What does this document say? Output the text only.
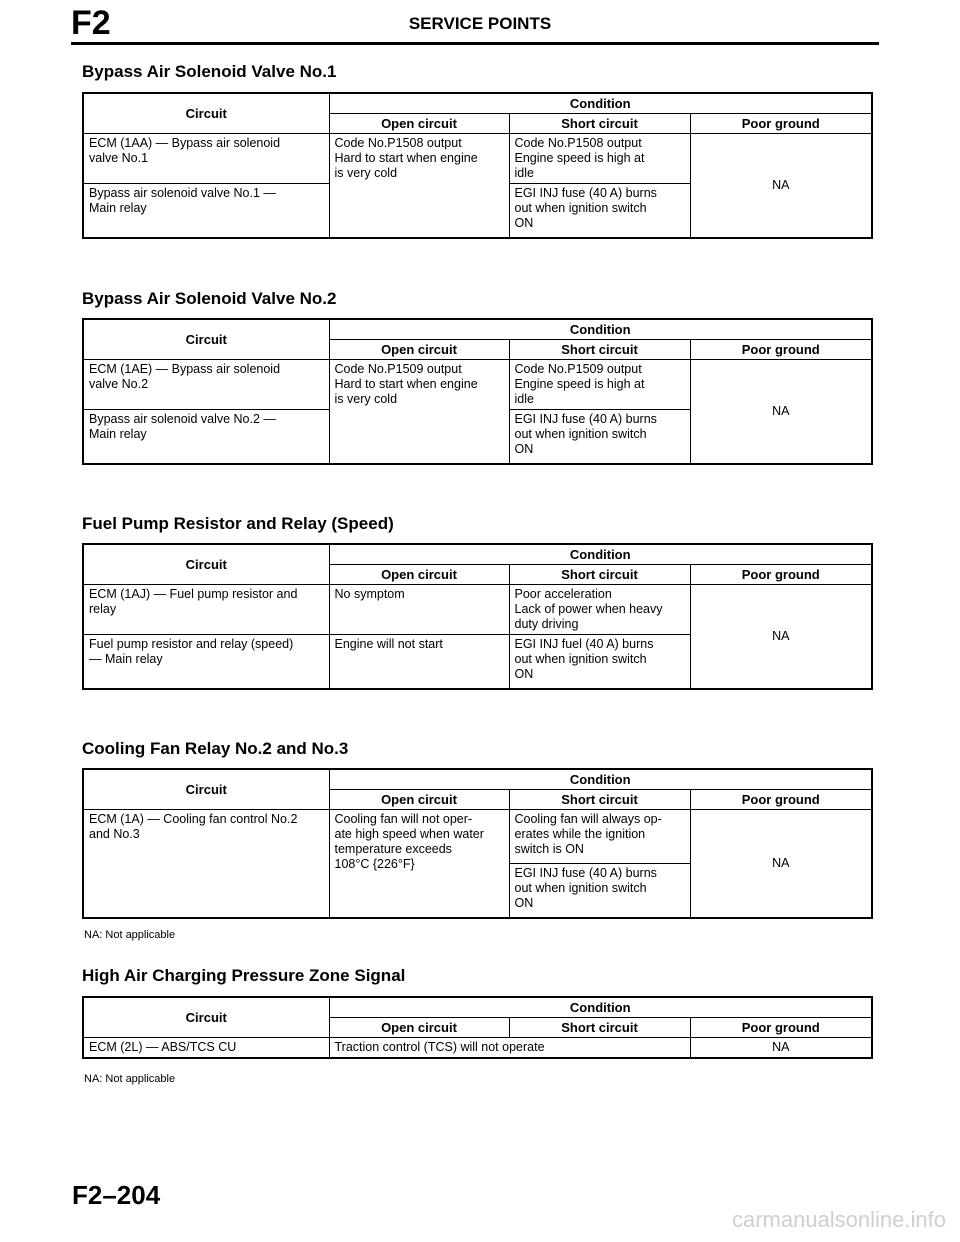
F2	SERVICE POINTS
Bypass Air Solenoid Valve No.1
Circuit	Condition		
	Open circuit	Short circuit	Poor ground

ECM (1AA) — Bypass air solenoid
valve No.1	Code No.P1508 output
Hard to start when engine
is very cold	Code No.P1508 output
Engine speed is high at
idle	NA

Bypass air solenoid valve No.1 —
Main relay		EGI INJ fuse (40 A) burns
out when ignition switch
ON	
Bypass Air Solenoid Valve No.2
Circuit	Condition		
	Open circuit	Short circuit	Poor ground

ECM (1AE) — Bypass air solenoid
valve No.2	Code No.P1509 output
Hard to start when engine
is very cold	Code No.P1509 output
Engine speed is high at
idle	NA

Bypass air solenoid valve No.2 —
Main relay		EGI INJ fuse (40 A) burns
out when ignition switch
ON	
Fuel Pump Resistor and Relay (Speed)
Circuit	Condition		
	Open circuit	Short circuit	Poor ground

ECM (1AJ) — Fuel pump resistor and
relay	No symptom	Poor acceleration
Lack of power when heavy
duty driving	NA

Fuel pump resistor and relay (speed)
— Main relay	Engine will not start	EGI INJ fuel (40 A) burns
out when ignition switch
ON	
Cooling Fan Relay No.2 and No.3
Circuit	Condition		
	Open circuit	Short circuit	Poor ground

ECM (1A) — Cooling fan control No.2
and No.3	Cooling fan will not oper-
ate high speed when water
temperature exceeds
108°C {226°F}	Cooling fan will always op-
erates while the ignition
switch is ON	NA

		EGI INJ fuse (40 A) burns
out when ignition switch
ON	
NA: Not applicable
High Air Charging Pressure Zone Signal
Circuit	Condition		
	Open circuit	Short circuit	Poor ground

ECM (2L) — ABS/TCS CU	Traction control (TCS) will not operate		NA
NA: Not applicable
F2–204
carmanualsonline.info
